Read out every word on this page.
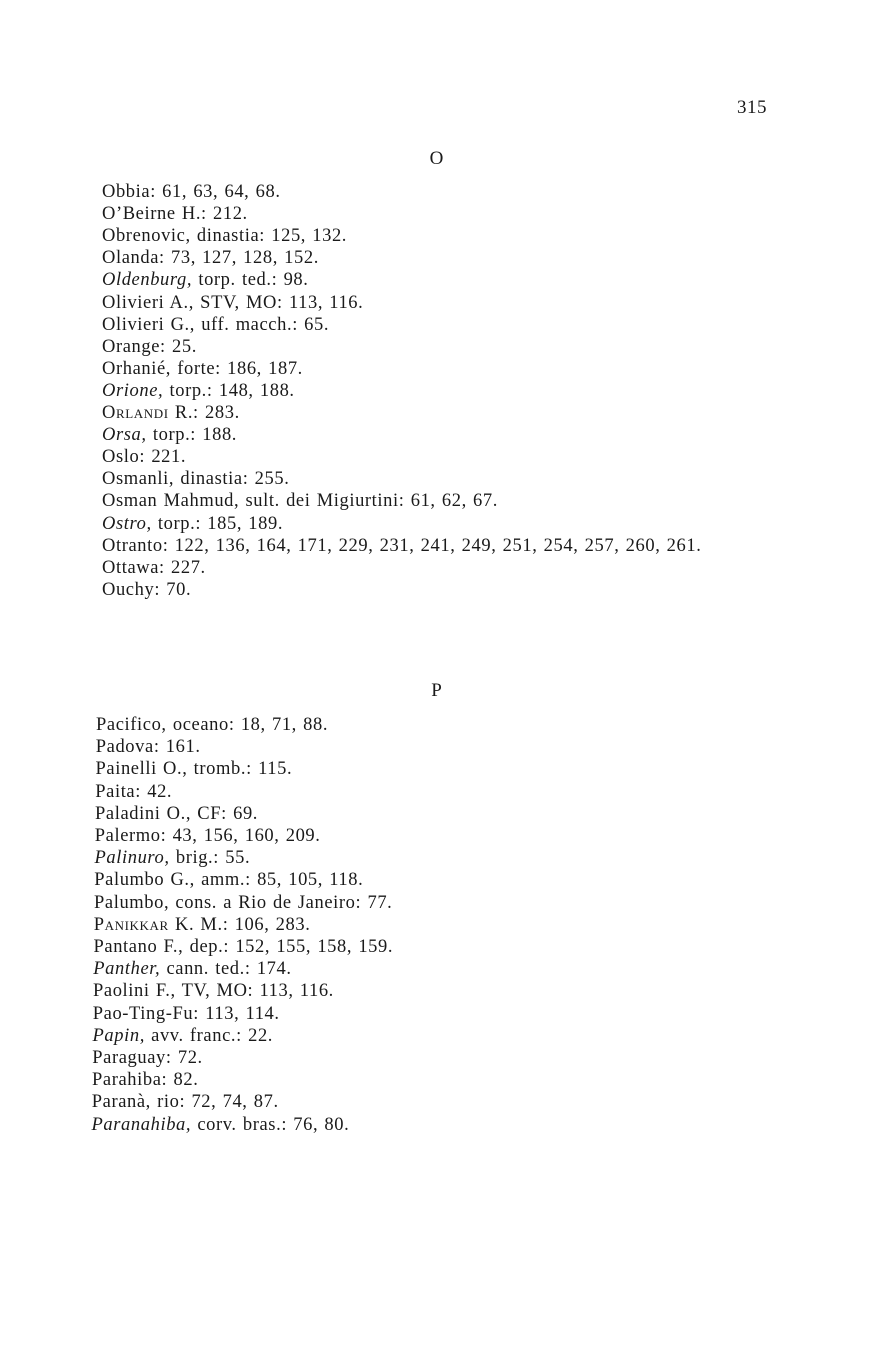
315
O
Obbia: 61, 63, 64, 68.
O’Beirne H.: 212.
Obrenovic, dinastia: 125, 132.
Olanda: 73, 127, 128, 152.
Oldenburg, torp. ted.: 98.
Olivieri A., STV, MO: 113, 116.
Olivieri G., uff. macch.: 65.
Orange: 25.
Orhanié, forte: 186, 187.
Orione, torp.: 148, 188.
Orlandi R.: 283.
Orsa, torp.: 188.
Oslo: 221.
Osmanli, dinastia: 255.
Osman Mahmud, sult. dei Migiurtini: 61, 62, 67.
Ostro, torp.: 185, 189.
Otranto: 122, 136, 164, 171, 229, 231, 241, 249, 251, 254, 257, 260, 261.
Ottawa: 227.
Ouchy: 70.
P
Pacifico, oceano: 18, 71, 88.
Padova: 161.
Painelli O., tromb.: 115.
Paita: 42.
Paladini O., CF: 69.
Palermo: 43, 156, 160, 209.
Palinuro, brig.: 55.
Palumbo G., amm.: 85, 105, 118.
Palumbo, cons. a Rio de Janeiro: 77.
Panikkar K. M.: 106, 283.
Pantano F., dep.: 152, 155, 158, 159.
Panther, cann. ted.: 174.
Paolini F., TV, MO: 113, 116.
Pao-Ting-Fu: 113, 114.
Papin, avv. franc.: 22.
Paraguay: 72.
Parahiba: 82.
Paranà, rio: 72, 74, 87.
Paranahiba, corv. bras.: 76, 80.
